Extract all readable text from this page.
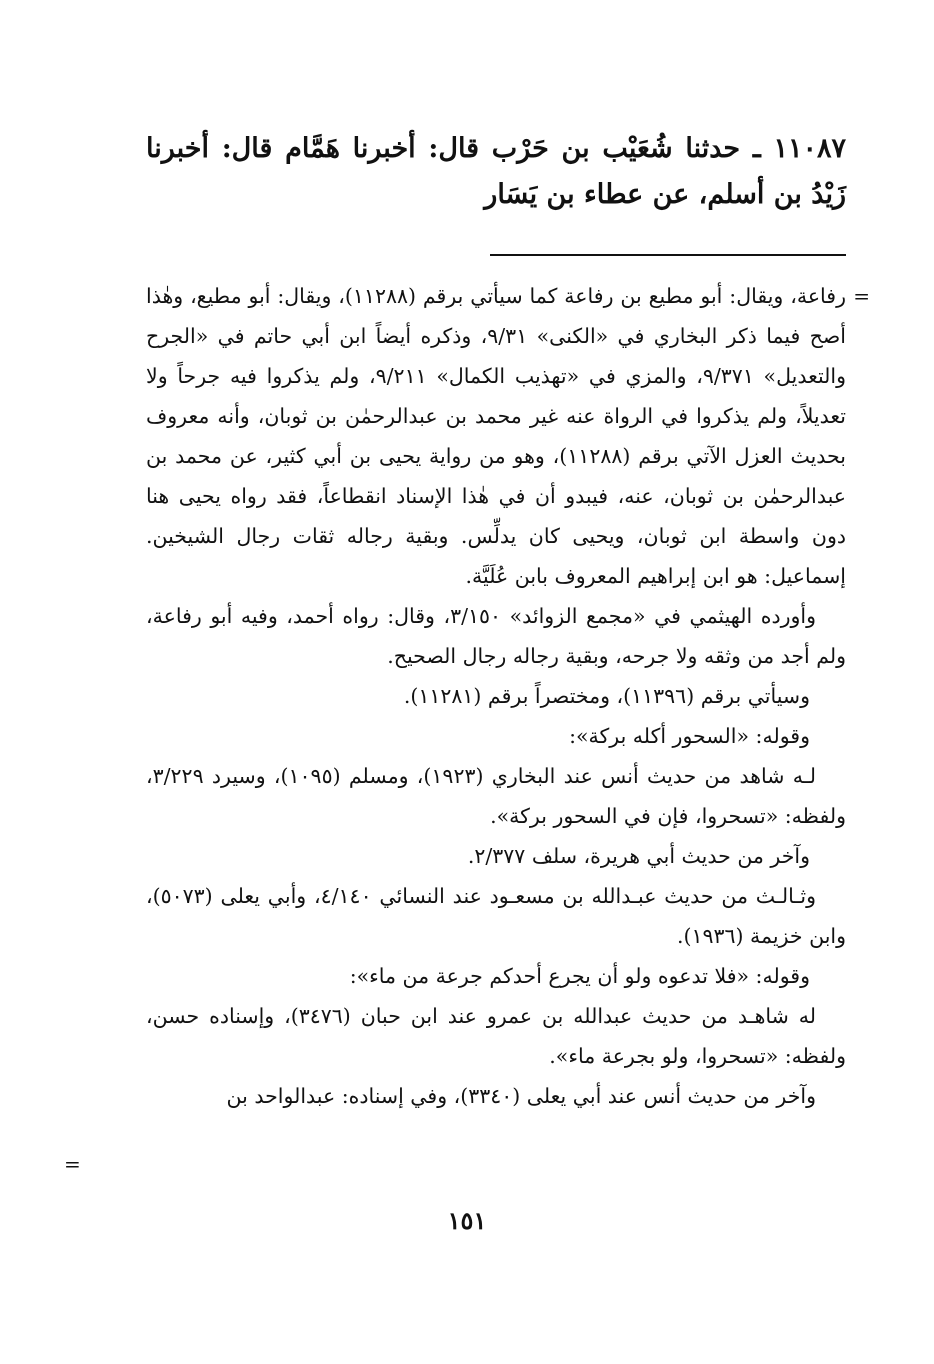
١١٠٨٧ ـ حدثنا شُعَيْب بن حَرْب قال: أخبرنا هَمَّام قال: أخبرنا زَيْدُ بن أسلم، عن عطاء بن يَسَار
=

رفاعة، ويقال: أبو مطيع بن رفاعة كما سيأتي برقم (١١٢٨٨)، ويقال: أبو مطيع، وهٰذا أصح فيما ذكر البخاري في «الكنى» ٩/٣١، وذكره أيضاً ابن أبي حاتم في «الجرح والتعديل» ٩/٣٧١، والمزي في «تهذيب الكمال» ٩/٢١١، ولم يذكروا فيه جرحاً ولا تعديلاً، ولم يذكروا في الرواة عنه غير محمد بن عبدالرحمٰن بن ثوبان، وأنه معروف بحديث العزل الآتي برقم (١١٢٨٨)، وهو من رواية يحيى بن أبي كثير، عن محمد بن عبدالرحمٰن بن ثوبان، عنه، فيبدو أن في هٰذا الإسناد انقطاعاً، فقد رواه يحيى هنا دون واسطة ابن ثوبان، ويحيى كان يدلِّس. وبقية رجاله ثقات رجال الشيخين. إسماعيل: هو ابن إبراهيم المعروف بابن عُلَيَّة.

وأورده الهيثمي في «مجمع الزوائد» ٣/١٥٠، وقال: رواه أحمد، وفيه أبو رفاعة، ولم أجد من وثقه ولا جرحه، وبقية رجاله رجال الصحيح.

وسيأتي برقم (١١٣٩٦)، ومختصراً برقم (١١٢٨١).

وقوله: «السحور أكله بركة»:

لـه شاهد من حديث أنس عند البخاري (١٩٢٣)، ومسلم (١٠٩٥)، وسيرد ٣/٢٢٩، ولفظه: «تسحروا، فإن في السحور بركة».

وآخر من حديث أبي هريرة، سلف ٢/٣٧٧.

وثـالـث من حديث عبـدالله بن مسعـود عند النسائي ٤/١٤٠، وأبي يعلى (٥٠٧٣)، وابن خزيمة (١٩٣٦).

وقوله: «فلا تدعوه ولو أن يجرع أحدكم جرعة من ماء»:

له شاهـد من حديث عبدالله بن عمرو عند ابن حبان (٣٤٧٦)، وإسناده حسن، ولفظه: «تسحروا، ولو بجرعة ماء».

وآخر من حديث أنس عند أبي يعلى (٣٣٤٠)، وفي إسناده: عبدالواحد بن

=
١٥١
